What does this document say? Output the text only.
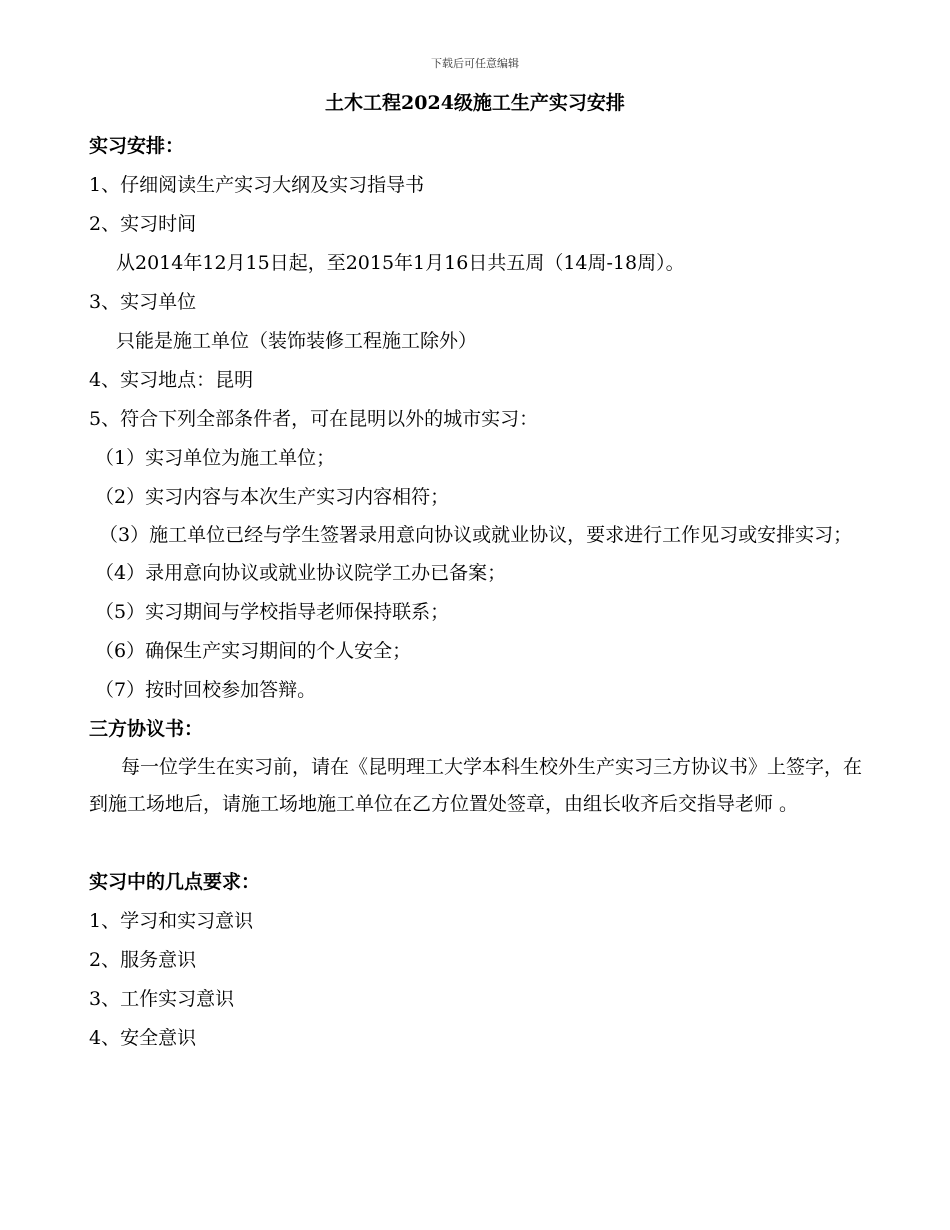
下载后可任意编辑
土木工程2024级施工生产实习安排
实习安排：
1、仔细阅读生产实习大纲及实习指导书
2、实习时间
从2014年12月15日起，至2015年1月16日共五周（14周-18周）。
3、实习单位
只能是施工单位（装饰装修工程施工除外）
4、实习地点：昆明
5、符合下列全部条件者，可在昆明以外的城市实习：
（1）实习单位为施工单位；
（2）实习内容与本次生产实习内容相符；
（3）施工单位已经与学生签署录用意向协议或就业协议，要求进行工作见习或安排实习；
（4）录用意向协议或就业协议院学工办已备案；
（5）实习期间与学校指导老师保持联系；
（6）确保生产实习期间的个人安全；
（7）按时回校参加答辩。
三方协议书：
每一位学生在实习前，请在《昆明理工大学本科生校外生产实习三方协议书》上签字，在到施工场地后，请施工场地施工单位在乙方位置处签章，由组长收齐后交指导老师 。
实习中的几点要求：
1、学习和实习意识
2、服务意识
3、工作实习意识
4、安全意识
